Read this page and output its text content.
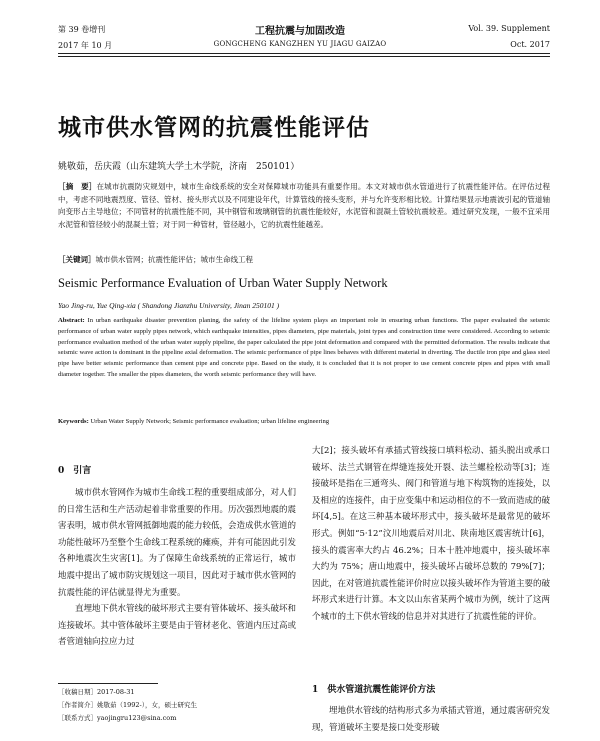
第 39 卷增刊
2017 年 10 月
工程抗震与加固改造
GONGCHENG KANGZHEN YU JIAGU GAIZAO
Vol. 39. Supplement
Oct. 2017
城市供水管网的抗震性能评估
姚敬茹，岳庆霞（山东建筑大学土木学院，济南　250101）
［摘　要］在城市抗震防灾规划中，城市生命线系统的安全对保障城市功能具有重要作用。本文对城市供水管道进行了抗震性能评估。在评估过程中，考虑不同地震烈度、管径、管材、接头形式以及不同建设年代，计算管线的接头变形，并与允许变形相比较。计算结果显示地震波引起的管道轴向变形占主导地位；不同管材的抗震性能不同，其中钢管和玻璃钢管的抗震性能较好，水泥管和混凝土管较抗震较差。通过研究发现，一般不宜采用水泥管和管径较小的混凝土管；对于同一种管材，管径越小，它的抗震性能越差。
［关键词］城市供水管网；抗震性能评估；城市生命线工程
Seismic Performance Evaluation of Urban Water Supply Network
Yao Jing-ru, Yue Qing-xia ( Shandong Jianzhu University, Jinan 250101 )
Abstract: In urban earthquake disaster prevention planing, the safety of the lifeline system plays an important role in ensuring urban functions. The paper evaluated the seismic performance of urban water supply pipes network, which earthquake intensities, pipes diameters, pipe materials, joint types and construction time were considered. According to seismic performance evaluation method of the urban water supply pipeline, the paper calculated the pipe joint deformation and compared with the permitted deformation. The results indicate that seismic wave action is dominant in the pipeline axial deformation. The seismic performance of pipe lines behaves with different material in diverting. The ductile iron pipe and glass steel pipe have better seismic performance than cement pipe and concrete pipe. Based on the study, it is concluded that it is not proper to use cement concrete pipes and pipes with small diameter together. The smaller the pipes diameters, the worth seismic performance they will have.
Keywords: Urban Water Supply Network; Seismic performance evaluation; urban lifeline engineering
0　引言

城市供水管网作为城市生命线工程的重要组成部分，对人们的日常生活和生产活动起着非常重要的作用。历次强烈地震的震害表明，城市供水管网抵御地震的能力较低，会造成供水管道的功能性破坏乃至整个生命线工程系统的瘫痪，并有可能因此引发各种地震次生灾害[1]。为了保障生命线系统的正常运行，城市地震中提出了城市防灾规划这一项目，因此对于城市供水管网的抗震性能的评估就显得尤为重要。

直埋地下供水管线的破坏形式主要有管体破坏、接头破坏和连接破坏。其中管体破坏主要是由于管材老化、管道内压过高或者管道轴向拉应力过

大[2]；接头破坏有承插式管线接口填料松动、插头脱出或承口破坏、法兰式钢管在焊缝连接处开裂、法兰螺栓松动等[3]；连接破坏是指在三通弯头、阀门和管道与地下构筑物的连接处，以及相应的连接件，由于应变集中和运动相位的不一致而造成的破坏[4,5]。在这三种基本破坏形式中，接头破坏是最常见的破坏形式。例如“5·12”汶川地震后对川北、陕南地区震害统计[6]，接头的震害率大约占 46.2%；日本十胜冲地震中，接头破坏率大约为 75%；唐山地震中，接头破坏占破坏总数的 79%[7]；因此，在对管道抗震性能评价时应以接头破坏作为管道主要的破坏形式来进行计算。本文以山东省某两个城市为例，统计了这两个城市的土下供水管线的信息并对其进行了抗震性能的评价。

1　供水管道抗震性能评价方法

埋地供水管线的结构形式多为承插式管道，通过震害研究发现，管道破坏主要是接口处变形破

［收稿日期］2017-08-31
［作者简介］姚敬茹（1992-），女，硕士研究生
［联系方式］yaojingru123@sina.com
